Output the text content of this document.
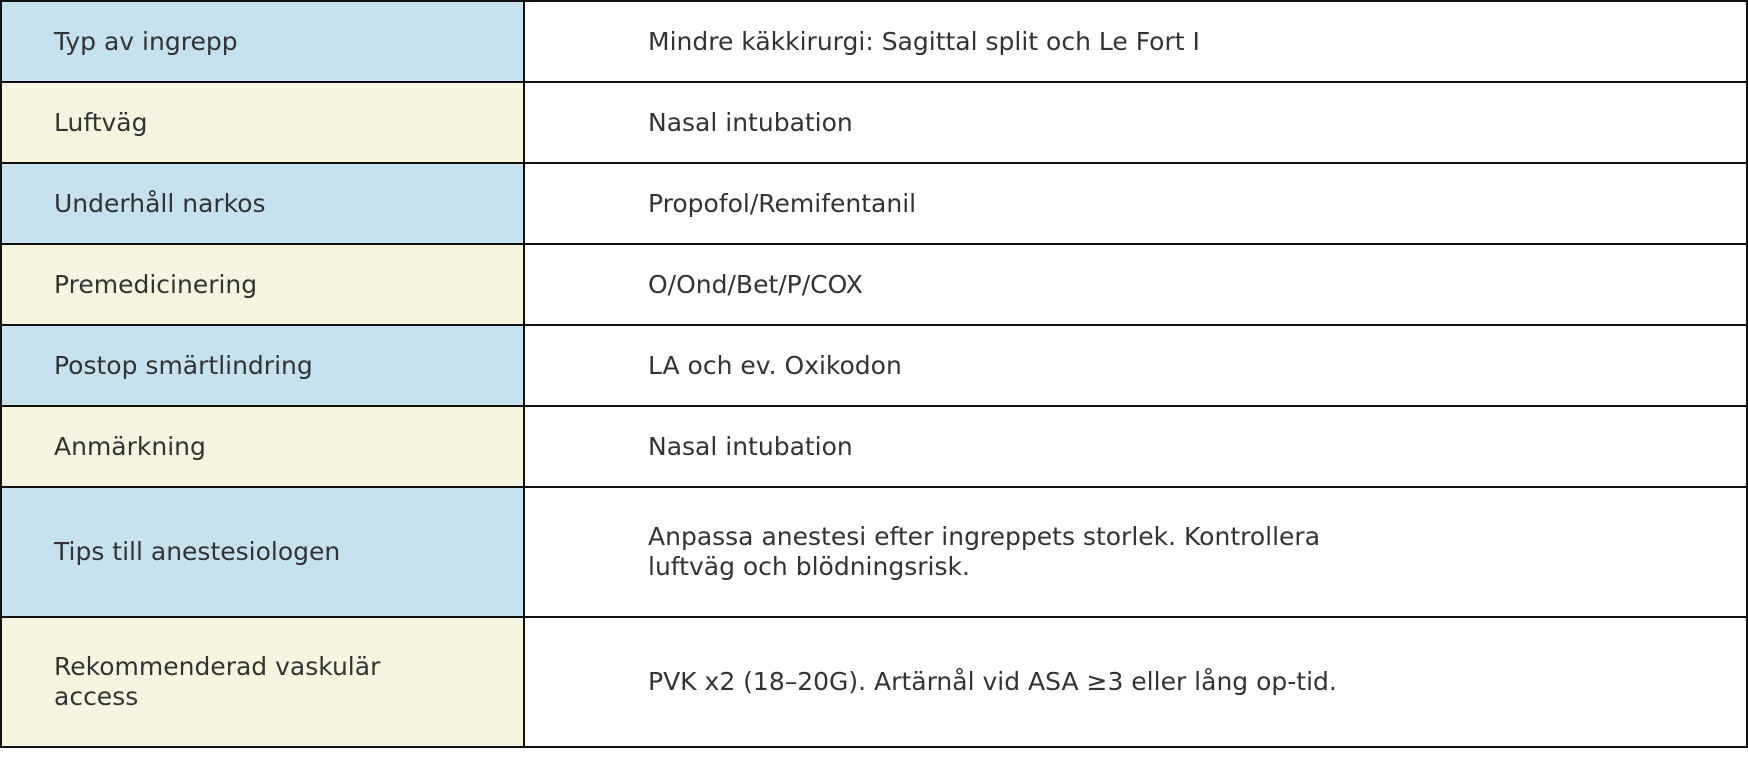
Typ av ingrepp	Mindre käkkirurgi: Sagittal split och Le Fort I

Luftväg	Nasal intubation

Underhåll narkos	Propofol/Remifentanil

Premedicinering	O/Ond/Bet/P/COX

Postop smärtlindring	LA och ev. Oxikodon

Anmärkning	Nasal intubation

Tips till anestesiologen	Anpassa anestesi efter ingreppets storlek. Kontrollera luftväg och blödningsrisk.

Rekommenderad vaskulär access	PVK x2 (18–20G). Artärnål vid ASA ≥3 eller lång op-tid.
